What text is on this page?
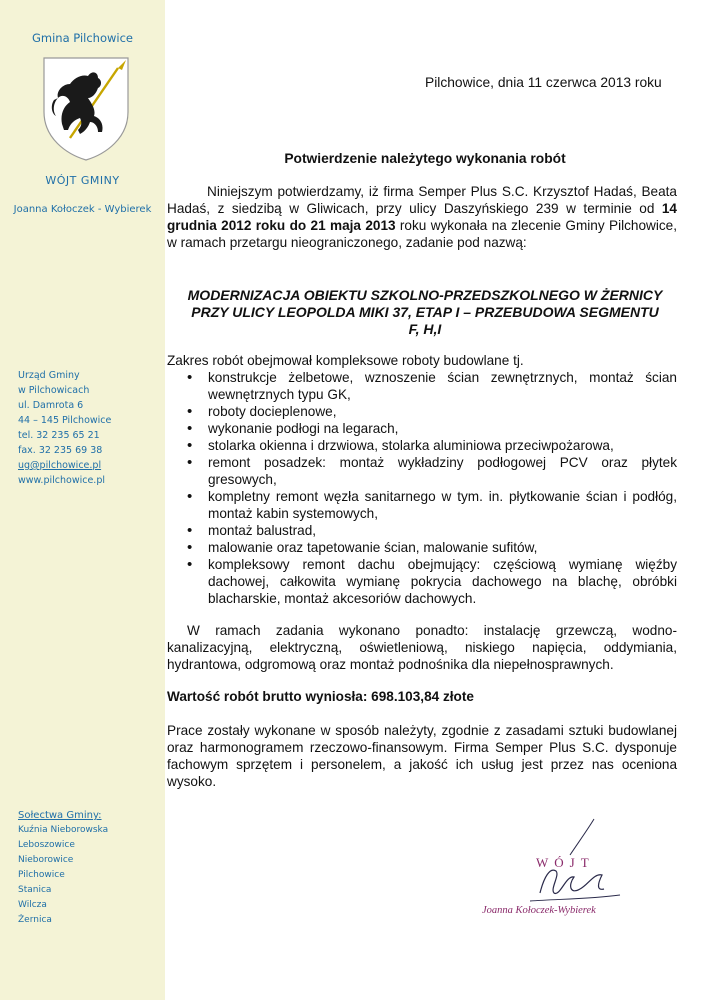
Gmina Pilchowice
WÓJT GMINY
Joanna Kołoczek - Wybierek
Urząd Gminy
w Pilchowicach
ul. Damrota 6
44 – 145 Pilchowice
tel. 32 235 65 21
fax. 32 235 69 38
ug@pilchowice.pl
www.pilchowice.pl
Sołectwa Gminy:
Kuźnia Nieborowska
Leboszowice
Nieborowice
Pilchowice
Stanica
Wilcza
Żernica
Pilchowice, dnia 11 czerwca 2013 roku
Potwierdzenie należytego wykonania robót
Niniejszym potwierdzamy, iż firma Semper Plus S.C. Krzysztof Hadaś, Beata Hadaś, z siedzibą w Gliwicach, przy ulicy Daszyńskiego 239 w terminie od 14 grudnia 2012 roku do 21 maja 2013 roku wykonała na zlecenie Gminy Pilchowice, w ramach przetargu nieograniczonego, zadanie pod nazwą:
MODERNIZACJA OBIEKTU SZKOLNO-PRZEDSZKOLNEGO W ŻERNICY
PRZY ULICY LEOPOLDA MIKI 37, ETAP I – PRZEBUDOWA SEGMENTU
F, H,I
Zakres robót obejmował kompleksowe roboty budowlane tj.
• konstrukcje żelbetowe, wznoszenie ścian zewnętrznych, montaż ścian wewnętrznych typu GK,
• roboty docieplenowe,
• wykonanie podłogi na legarach,
• stolarka okienna i drzwiowa, stolarka aluminiowa przeciwpożarowa,
• remont posadzek: montaż wykładziny podłogowej PCV oraz płytek gresowych,
• kompletny remont węzła sanitarnego w tym. in. płytkowanie ścian i podłóg, montaż kabin systemowych,
• montaż balustrad,
• malowanie oraz tapetowanie ścian, malowanie sufitów,
• kompleksowy remont dachu obejmujący: częściową wymianę więźby dachowej, całkowita wymianę pokrycia dachowego na blachę, obróbki blacharskie, montaż akcesoriów dachowych.
W ramach zadania wykonano ponadto: instalację grzewczą, wodno-kanalizacyjną, elektryczną, oświetleniową, niskiego napięcia, oddymiania, hydrantowa, odgromową oraz montaż podnośnika dla niepełnosprawnych.
Wartość robót brutto wyniosła: 698.103,84 złote
Prace zostały wykonane w sposób należyty, zgodnie z zasadami sztuki budowlanej oraz harmonogramem rzeczowo-finansowym. Firma Semper Plus S.C. dysponuje fachowym sprzętem i personelem, a jakość ich usług jest przez nas oceniona wysoko.
WÓJT
Joanna Kołoczek-Wybierek
